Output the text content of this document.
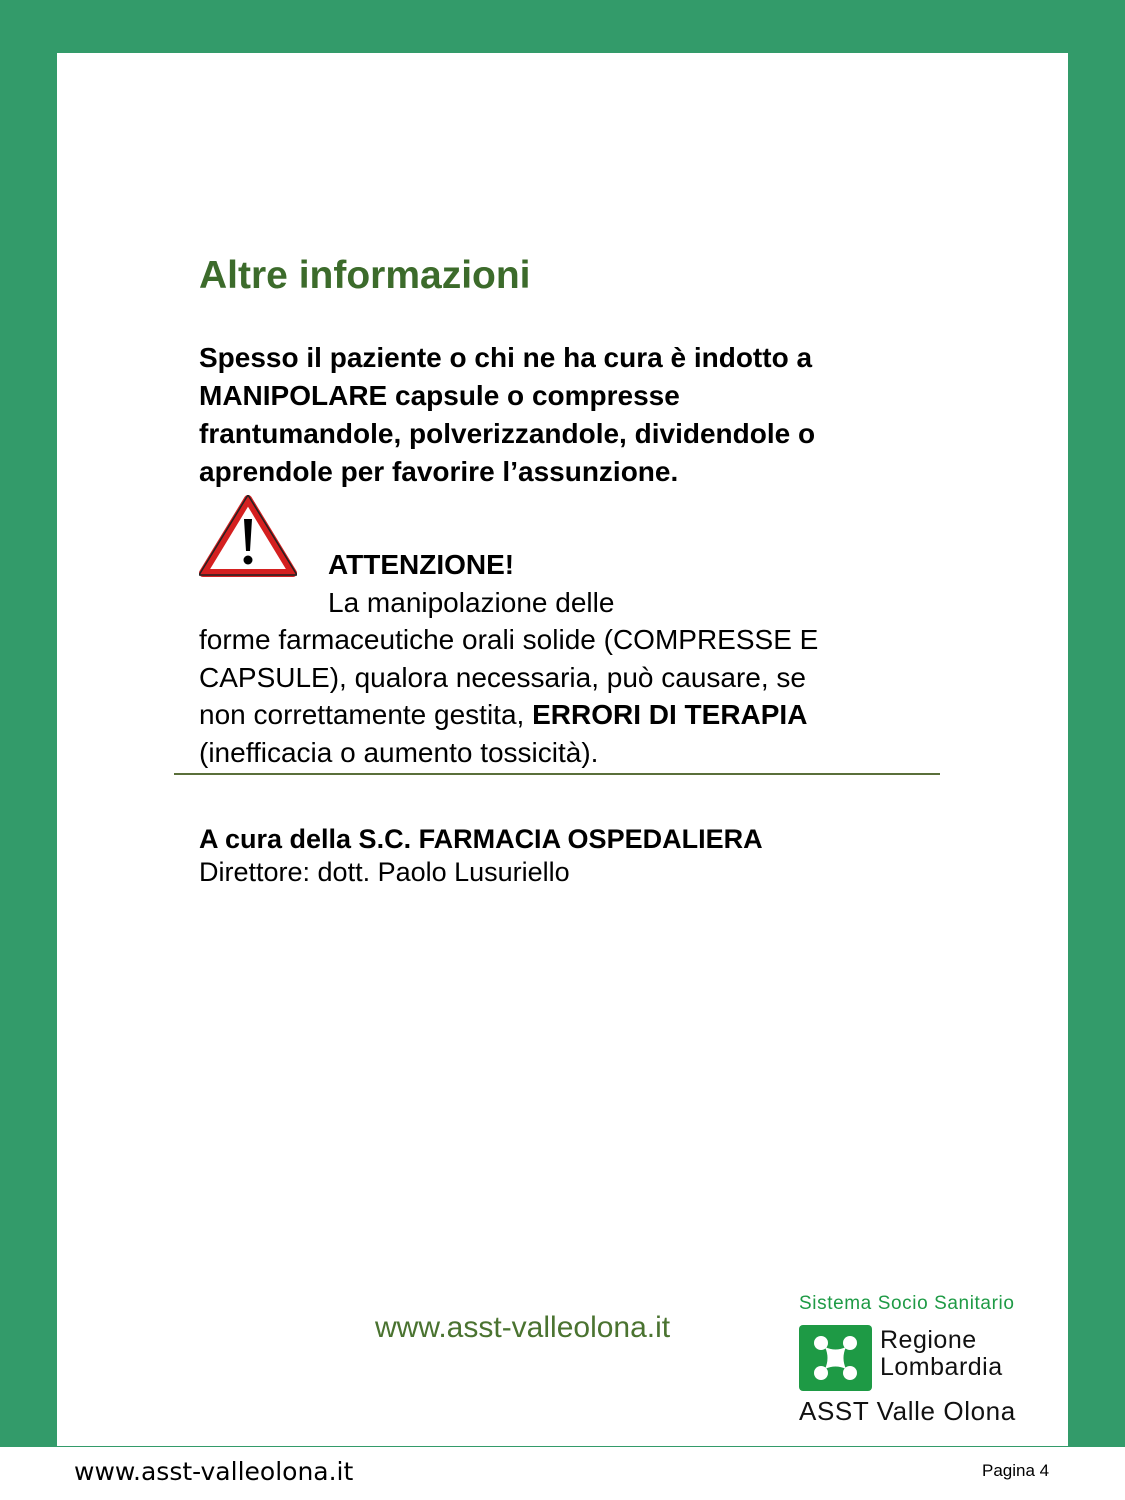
Altre informazioni

Spesso il paziente o chi ne ha cura è indotto a
MANIPOLARE capsule o compresse
frantumandole, polverizzandole, dividendole o
aprendole per favorire l’assunzione.

ATTENZIONE!
La manipolazione delle
forme farmaceutiche orali solide (COMPRESSE E
CAPSULE), qualora necessaria, può causare, se
non correttamente gestita, ERRORI DI TERAPIA
(inefficacia o aumento tossicità).

A cura della S.C. FARMACIA OSPEDALIERA
Direttore: dott. Paolo Lusuriello

www.asst-valleolona.it
Sistema Socio Sanitario
Regione
Lombardia
ASST Valle Olona
www.asst-valleolona.it	Pagina 4
